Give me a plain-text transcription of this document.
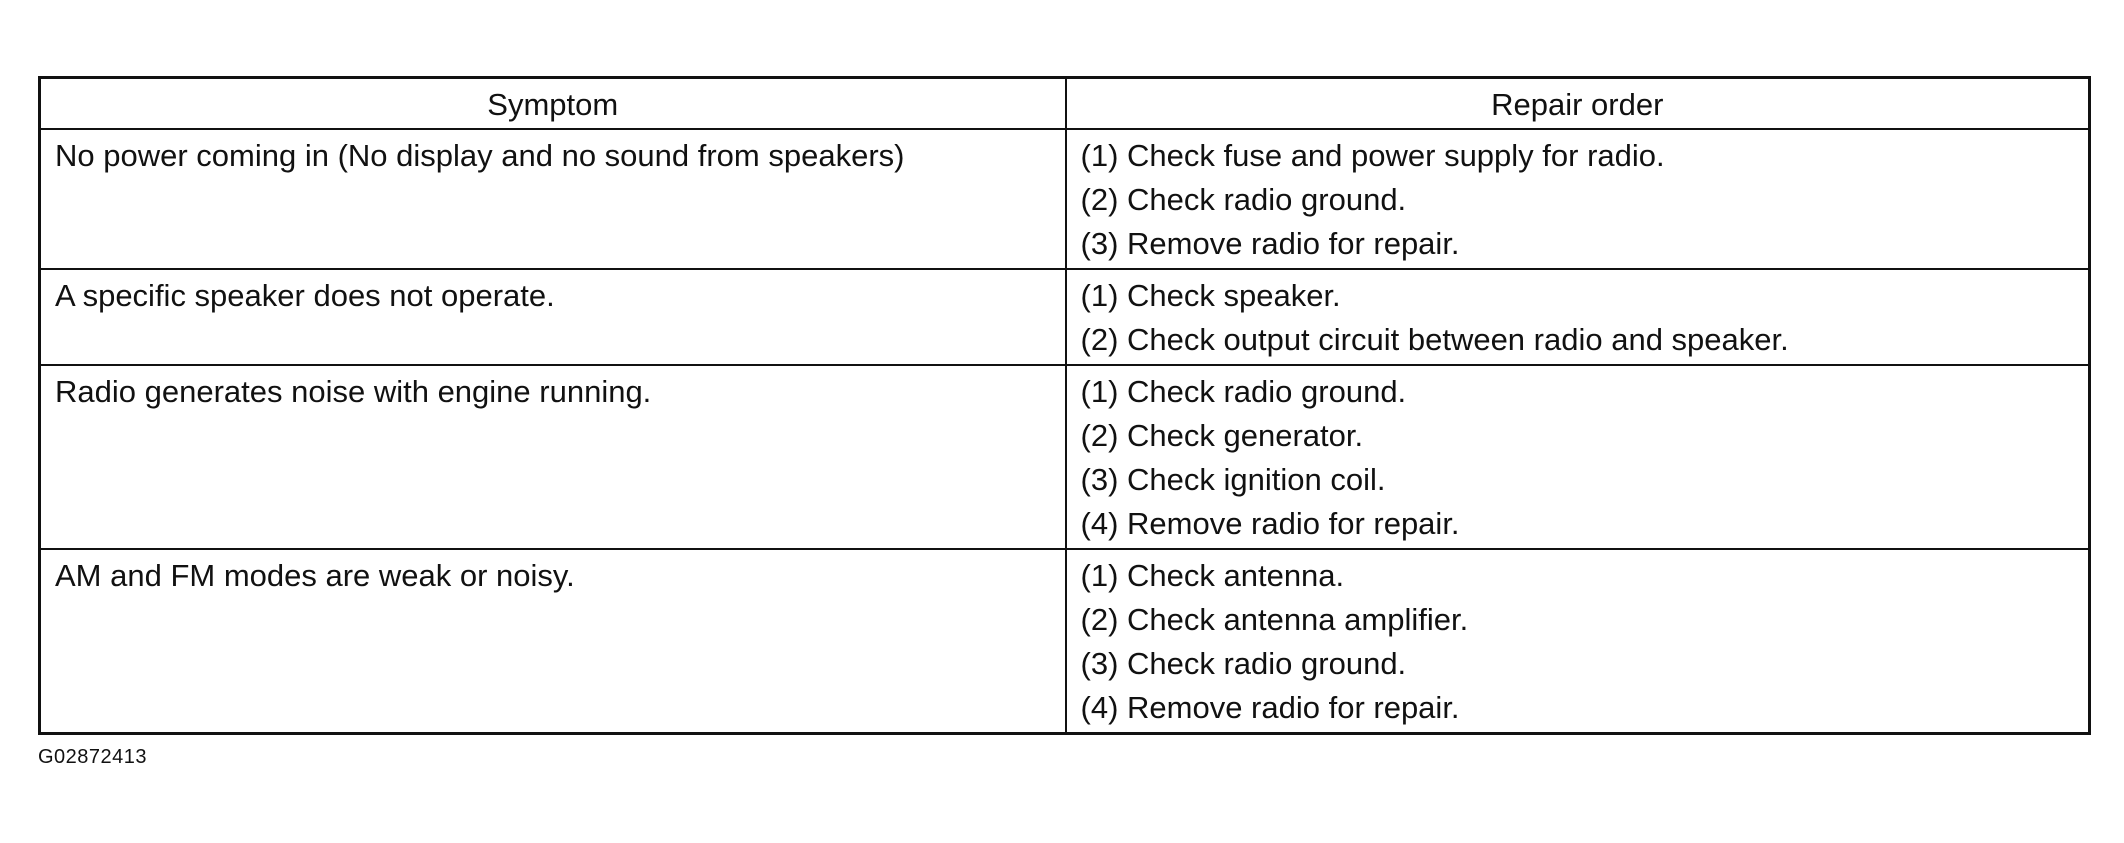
Symptom	Repair order
No power coming in (No display and no sound from speakers)	(1) Check fuse and power supply for radio.
(2) Check radio ground.
(3) Remove radio for repair.

A specific speaker does not operate.	(1) Check speaker.
(2) Check output circuit between radio and speaker.

Radio generates noise with engine running.	(1) Check radio ground.
(2) Check generator.
(3) Check ignition coil.
(4) Remove radio for repair.

AM and FM modes are weak or noisy.	(1) Check antenna.
(2) Check antenna amplifier.
(3) Check radio ground.
(4) Remove radio for repair.
G02872413
